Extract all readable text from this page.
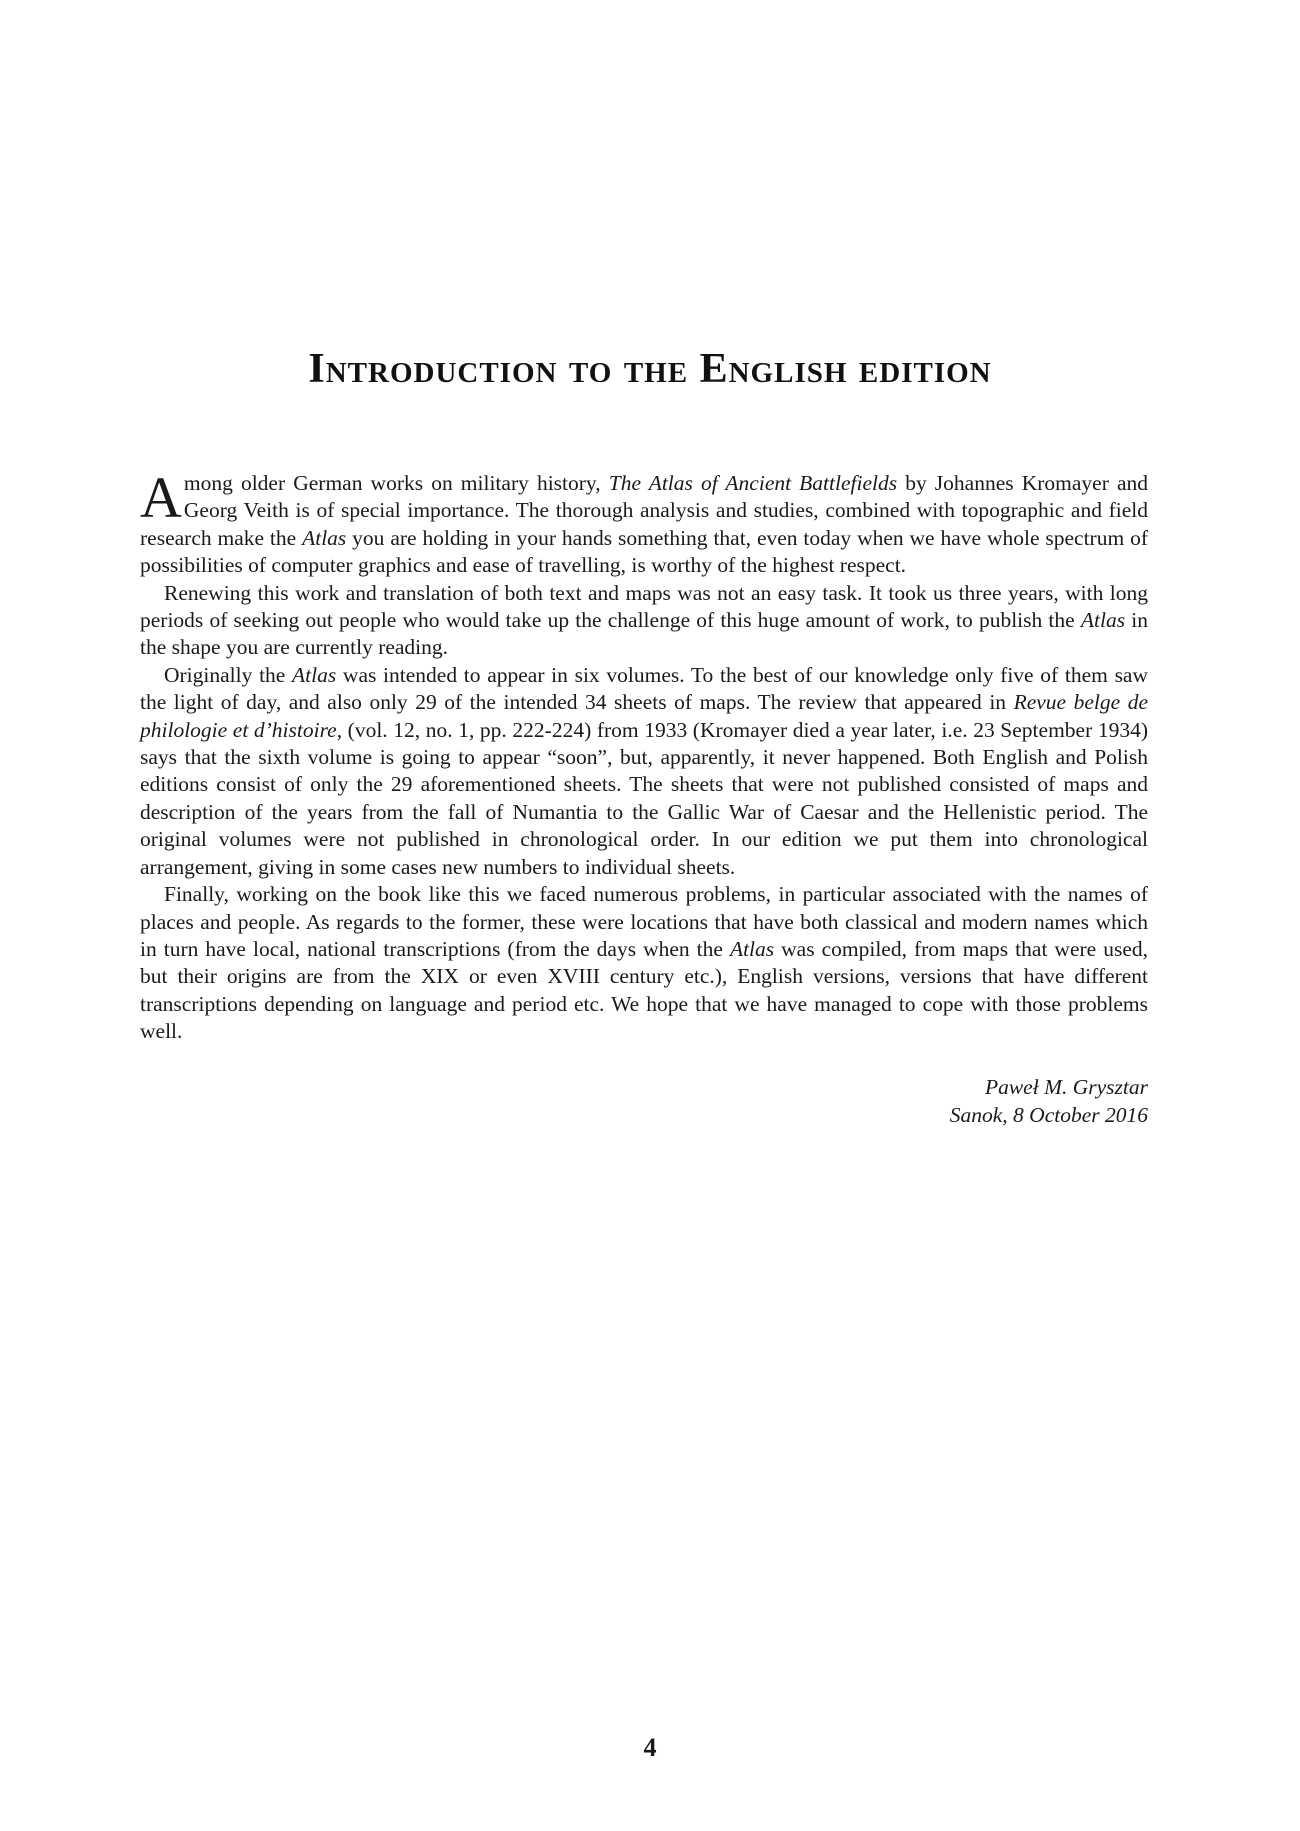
Introduction to the English edition

Among older German works on military history, The Atlas of Ancient Battlefields by Johannes Kromayer and Georg Veith is of special importance. The thorough analysis and studies, combined with topographic and field research make the Atlas you are holding in your hands something that, even today when we have whole spectrum of possibilities of computer graphics and ease of travelling, is worthy of the highest respect.

Renewing this work and translation of both text and maps was not an easy task. It took us three years, with long periods of seeking out people who would take up the challenge of this huge amount of work, to publish the Atlas in the shape you are currently reading.

Originally the Atlas was intended to appear in six volumes. To the best of our knowledge only five of them saw the light of day, and also only 29 of the intended 34 sheets of maps. The review that appeared in Revue belge de philologie et d’histoire, (vol. 12, no. 1, pp. 222-224) from 1933 (Kromayer died a year later, i.e. 23 September 1934) says that the sixth volume is going to appear “soon”, but, apparently, it never happened. Both English and Polish editions consist of only the 29 aforementioned sheets. The sheets that were not published consisted of maps and description of the years from the fall of Numantia to the Gallic War of Caesar and the Hellenistic period. The original volumes were not published in chronological order. In our edition we put them into chronological arrangement, giving in some cases new numbers to individual sheets.

Finally, working on the book like this we faced numerous problems, in particular associated with the names of places and people. As regards to the former, these were locations that have both classical and modern names which in turn have local, national transcriptions (from the days when the Atlas was compiled, from maps that were used, but their origins are from the XIX or even XVIII century etc.), English versions, versions that have different transcriptions depending on language and period etc. We hope that we have managed to cope with those problems well.

Paweł M. Grysztar
Sanok, 8 October 2016
4
